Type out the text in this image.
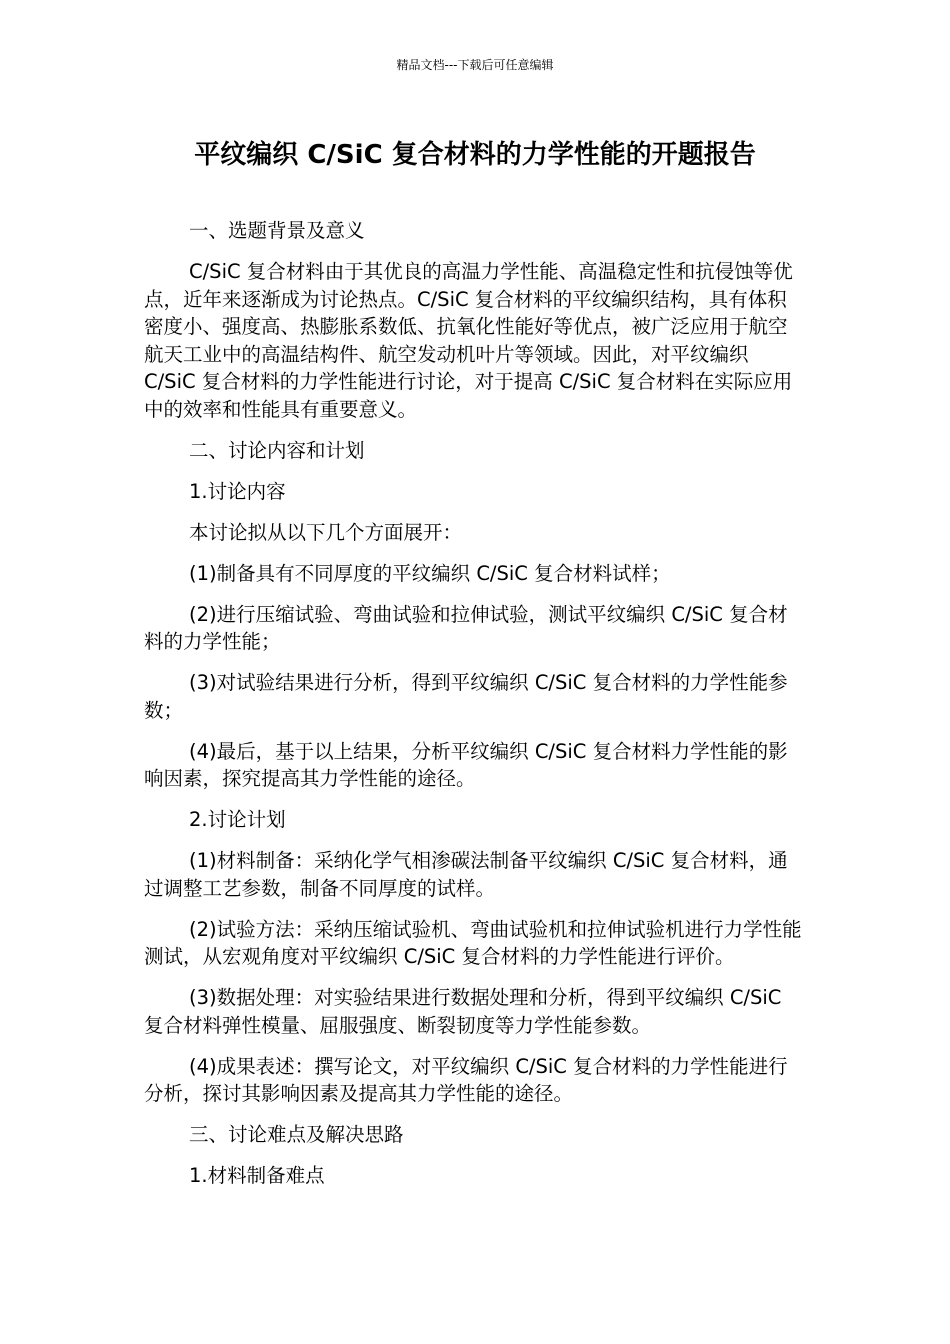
精品文档---下载后可任意编辑
平纹编织 C/SiC 复合材料的力学性能的开题报告

一、选题背景及意义

C/SiC 复合材料由于其优良的高温力学性能、高温稳定性和抗侵蚀等优点，近年来逐渐成为讨论热点。C/SiC 复合材料的平纹编织结构，具有体积密度小、强度高、热膨胀系数低、抗氧化性能好等优点，被广泛应用于航空航天工业中的高温结构件、航空发动机叶片等领域。因此，对平纹编织 C/SiC 复合材料的力学性能进行讨论，对于提高 C/SiC 复合材料在实际应用中的效率和性能具有重要意义。

二、讨论内容和计划

1.讨论内容

本讨论拟从以下几个方面展开：

(1)制备具有不同厚度的平纹编织 C/SiC 复合材料试样；

(2)进行压缩试验、弯曲试验和拉伸试验，测试平纹编织 C/SiC 复合材料的力学性能；

(3)对试验结果进行分析，得到平纹编织 C/SiC 复合材料的力学性能参数；

(4)最后，基于以上结果，分析平纹编织 C/SiC 复合材料力学性能的影响因素，探究提高其力学性能的途径。

2.讨论计划

(1)材料制备：采纳化学气相渗碳法制备平纹编织 C/SiC 复合材料，通过调整工艺参数，制备不同厚度的试样。

(2)试验方法：采纳压缩试验机、弯曲试验机和拉伸试验机进行力学性能测试，从宏观角度对平纹编织 C/SiC 复合材料的力学性能进行评价。

(3)数据处理：对实验结果进行数据处理和分析，得到平纹编织 C/SiC 复合材料弹性模量、屈服强度、断裂韧度等力学性能参数。

(4)成果表述：撰写论文，对平纹编织 C/SiC 复合材料的力学性能进行分析，探讨其影响因素及提高其力学性能的途径。

三、讨论难点及解决思路

1.材料制备难点
